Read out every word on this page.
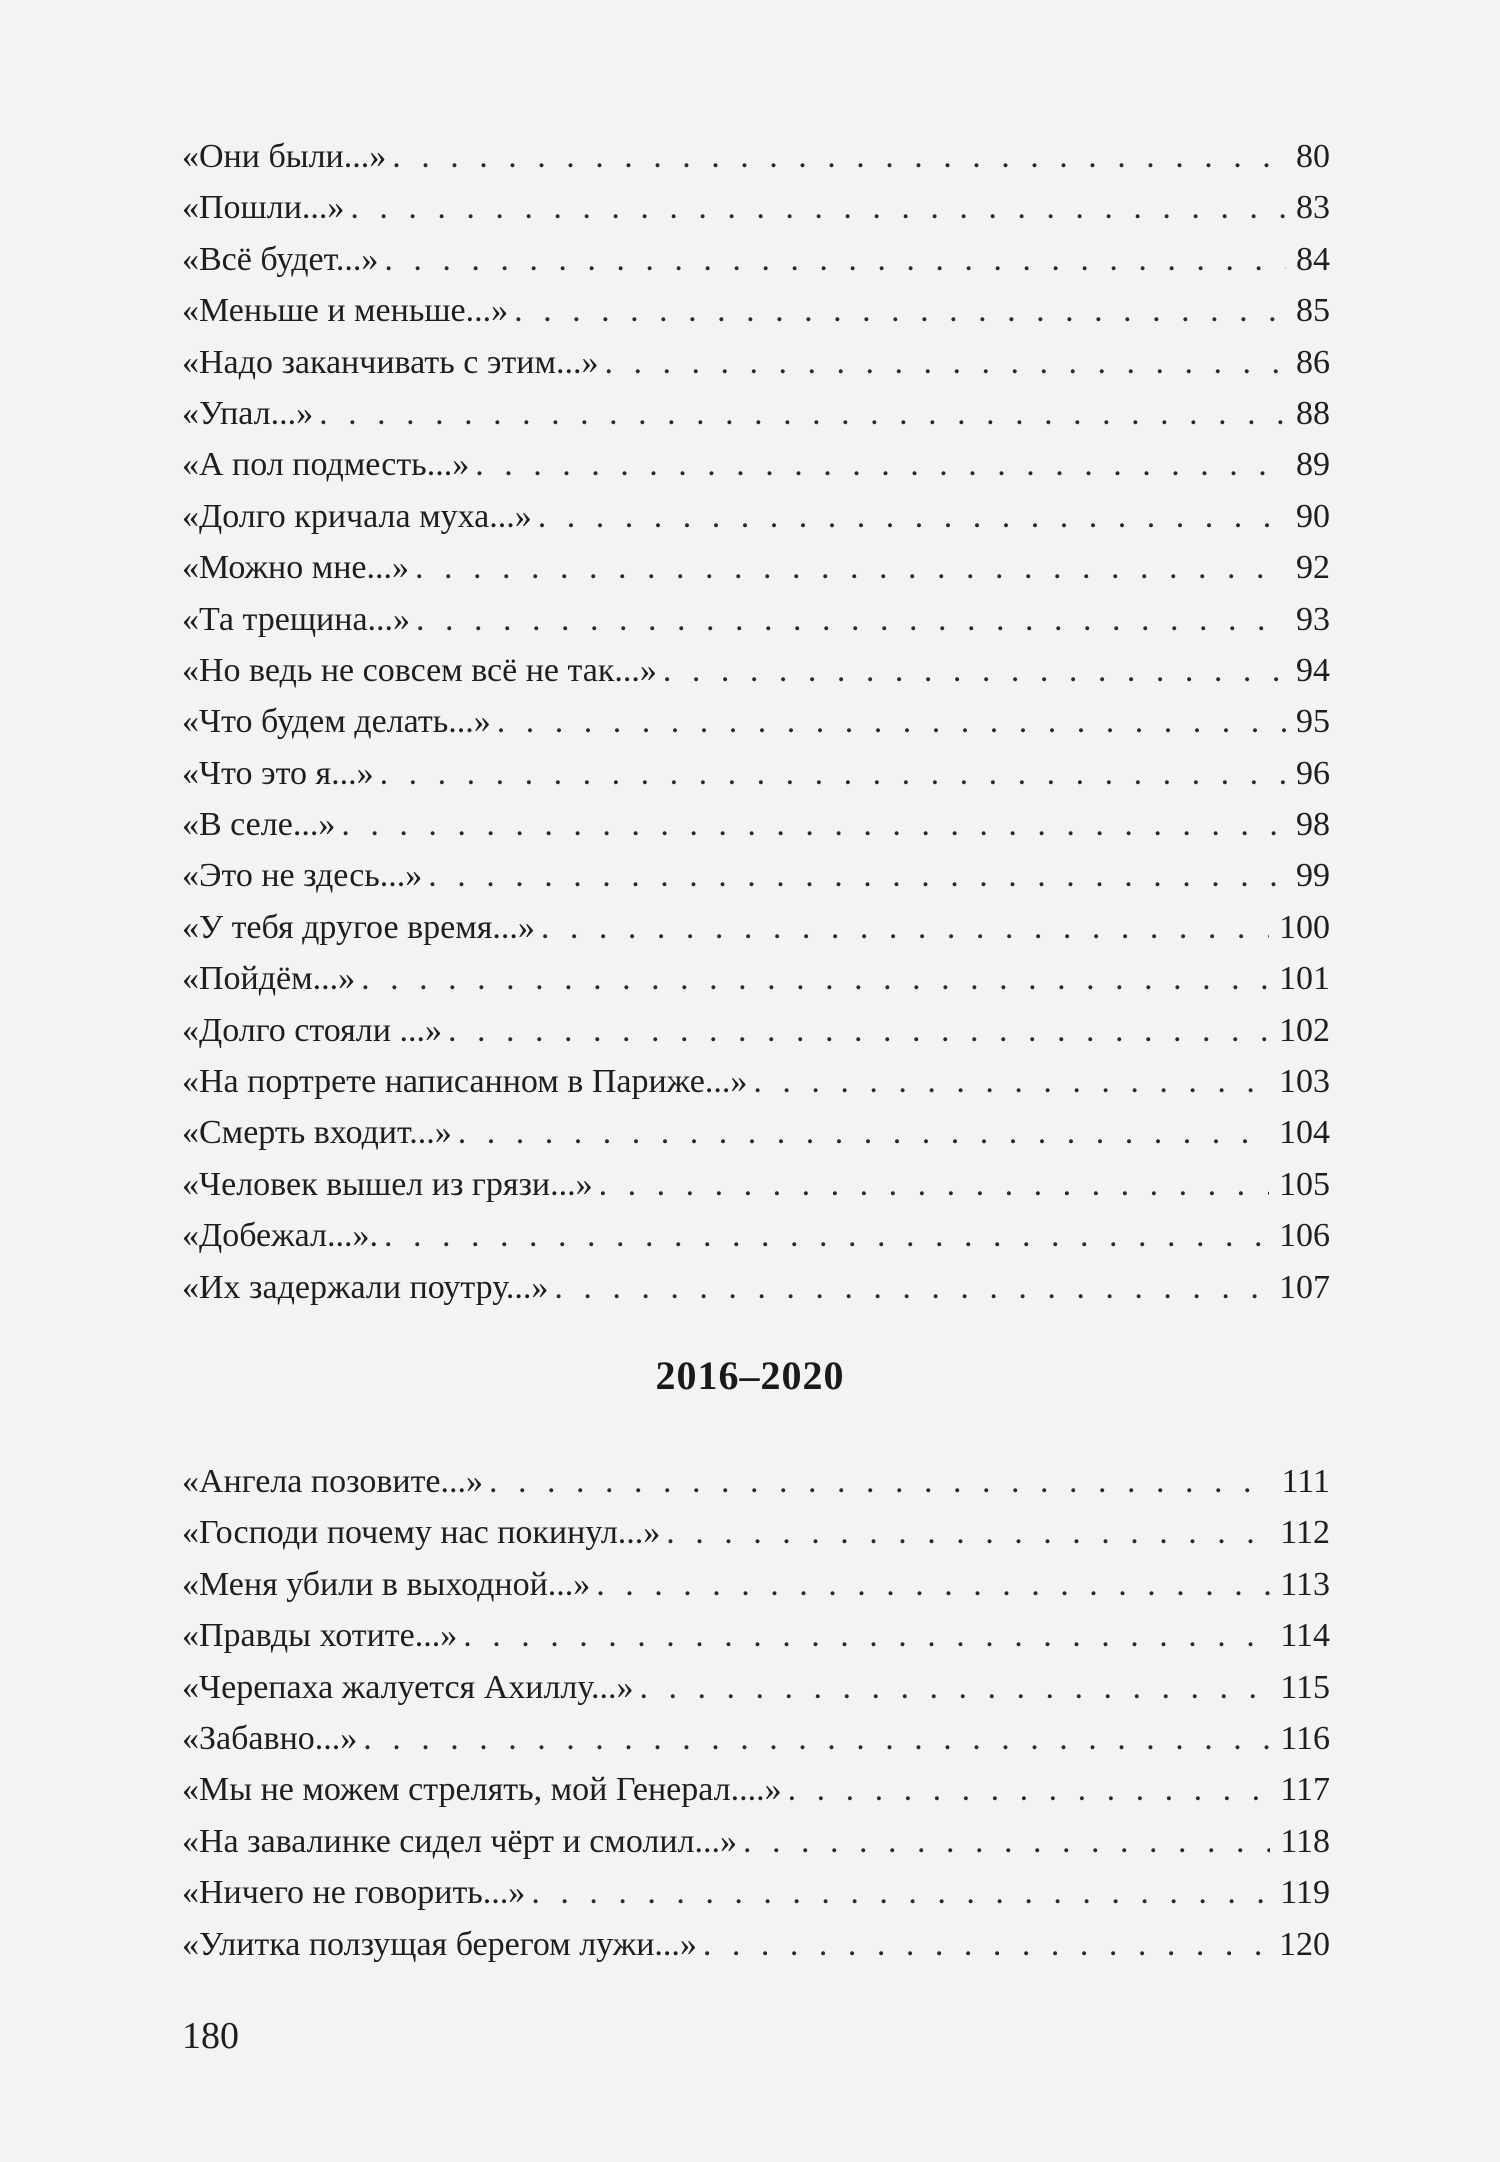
«Они были...» . . .	80
«Пошли...» . . .	83
«Всё будет...» . . .	84
«Меньше и меньше...» . . .	85
«Надо заканчивать с этим...» . . .	86
«Упал...» . . .	88
«А пол подместь...» . . .	89
«Долго кричала муха...» . . .	90
«Можно мне...» . . .	92
«Та трещина...» . . .	93
«Но ведь не совсем всё не так...» . . .	94
«Что будем делать...» . . .	95
«Что это я...» . . .	96
«В селе...» . . .	98
«Это не здесь...» . . .	99
«У тебя другое время...» . . .	100
«Пойдём...» . . .	101
«Долго стояли ...» . . .	102
«На портрете написанном в Париже...» . . .	103
«Смерть входит...» . . .	104
«Человек вышел из грязи...» . . .	105
«Добежал...». . . .	106
«Их задержали поутру...» . . .	107
2016–2020
«Ангела позовите...» . . .	111
«Господи почему нас покинул...» . . .	112
«Меня убили в выходной...» . . .	113
«Правды хотите...» . . .	114
«Черепаха жалуется Ахиллу...» . . .	115
«Забавно...» . . .	116
«Мы не можем стрелять, мой Генерал....» . . .	117
«На завалинке сидел чёрт и смолил...» . . .	118
«Ничего не говорить...» . . .	119
«Улитка ползущая берегом лужи...» . . .	120
180
